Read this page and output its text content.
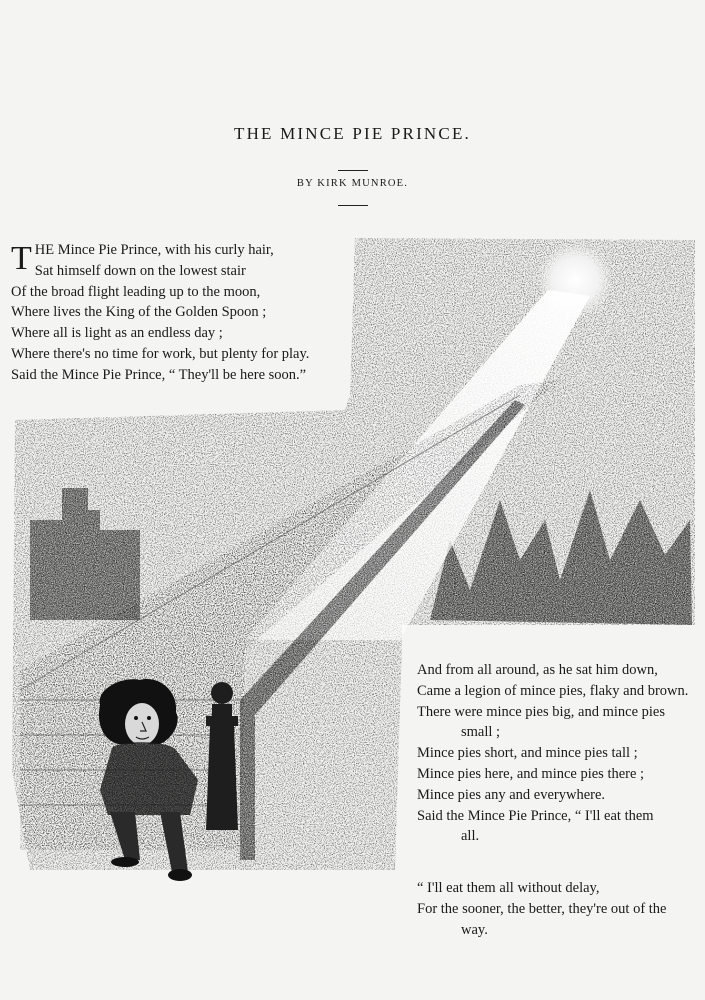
THE MINCE PIE PRINCE.
BY KIRK MUNROE.
T HE Mince Pie Prince, with his curly hair,
Sat himself down on the lowest stair
Of the broad flight leading up to the moon,
Where lives the King of the Golden Spoon ;
Where all is light as an endless day ;
Where there's no time for work, but plenty for play.
Said the Mince Pie Prince, “ They'll be here soon.”
And from all around, as he sat him down,
Came a legion of mince pies, flaky and brown.
There were mince pies big, and mince pies
small ;
Mince pies short, and mince pies tall ;
Mince pies here, and mince pies there ;
Mince pies any and everywhere.
Said the Mince Pie Prince, “ I'll eat them
all.
“ I'll eat them all without delay,
For the sooner, the better, they're out of the
way.
